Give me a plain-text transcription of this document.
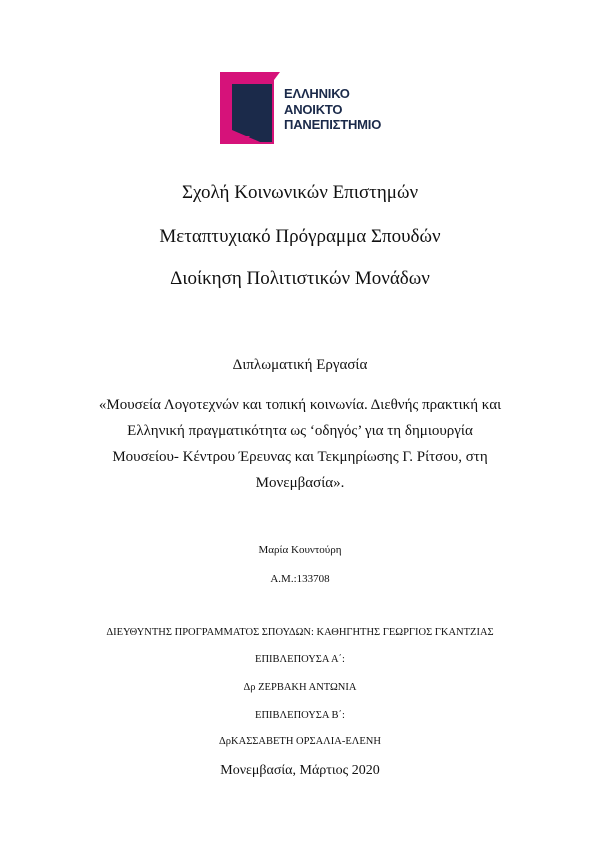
ΕΛΛΗΝΙΚΟ
ΑΝΟΙΚΤΟ
ΠΑΝΕΠΙΣΤΗΜΙΟ
Σχολή Κοινωνικών Επιστημών
Μεταπτυχιακό Πρόγραμμα Σπουδών
Διοίκηση Πολιτιστικών Μονάδων
Διπλωματική Εργασία
«Μουσεία Λογοτεχνών και τοπική κοινωνία. Διεθνής πρακτική και
Ελληνική πραγματικότητα ως ‘οδηγός’ για τη δημιουργία
Μουσείου- Κέντρου Έρευνας και Τεκμηρίωσης Γ. Ρίτσου, στη
Μονεμβασία».
Μαρία Κουντούρη
Α.Μ.:133708
ΔΙΕΥΘΥΝΤΗΣ ΠΡΟΓΡΑΜΜΑΤΟΣ ΣΠΟΥΔΩΝ: ΚΑΘΗΓΗΤΗΣ ΓΕΩΡΓΙΟΣ ΓΚΑΝΤΖΙΑΣ
ΕΠΙΒΛΕΠΟΥΣΑ Α΄:
Δρ ΖΕΡΒΑΚΗ ΑΝΤΩΝΙΑ
ΕΠΙΒΛΕΠΟΥΣΑ Β΄:
ΔρΚΑΣΣΑΒΕΤΗ ΟΡΣΑΛΙΑ-ΕΛΕΝΗ
Μονεμβασία, Μάρτιος 2020
